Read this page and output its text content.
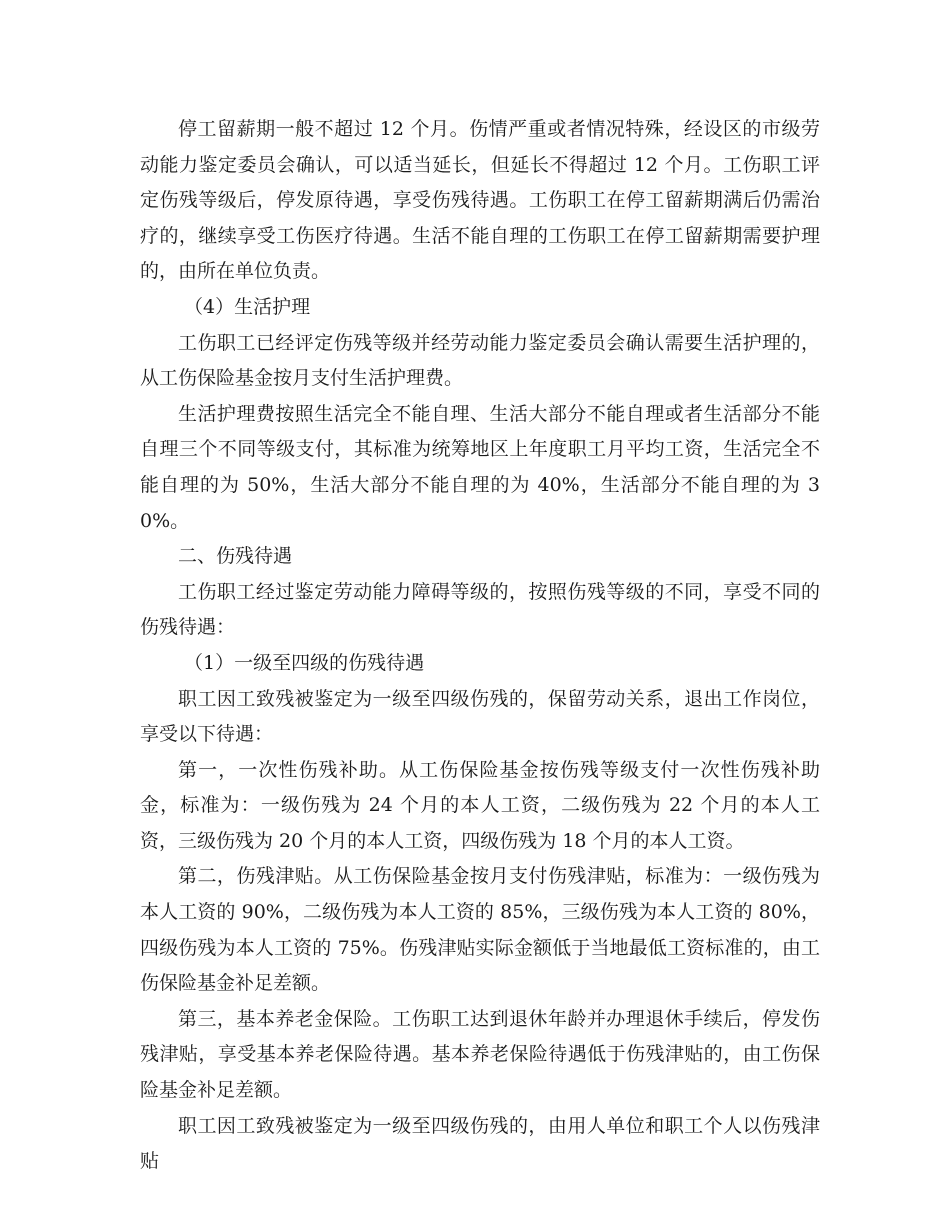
停工留薪期一般不超过 12 个月。伤情严重或者情况特殊，经设区的市级劳动能力鉴定委员会确认，可以适当延长，但延长不得超过 12 个月。工伤职工评定伤残等级后，停发原待遇，享受伤残待遇。工伤职工在停工留薪期满后仍需治疗的，继续享受工伤医疗待遇。生活不能自理的工伤职工在停工留薪期需要护理的，由所在单位负责。

（4）生活护理

工伤职工已经评定伤残等级并经劳动能力鉴定委员会确认需要生活护理的，从工伤保险基金按月支付生活护理费。

生活护理费按照生活完全不能自理、生活大部分不能自理或者生活部分不能自理三个不同等级支付，其标准为统筹地区上年度职工月平均工资，生活完全不能自理的为 50%，生活大部分不能自理的为 40%，生活部分不能自理的为 30%。

二、伤残待遇

工伤职工经过鉴定劳动能力障碍等级的，按照伤残等级的不同，享受不同的伤残待遇：

（1）一级至四级的伤残待遇

职工因工致残被鉴定为一级至四级伤残的，保留劳动关系，退出工作岗位，享受以下待遇：

第一，一次性伤残补助。从工伤保险基金按伤残等级支付一次性伤残补助金，标准为：一级伤残为 24 个月的本人工资，二级伤残为 22 个月的本人工资，三级伤残为 20 个月的本人工资，四级伤残为 18 个月的本人工资。

第二，伤残津贴。从工伤保险基金按月支付伤残津贴，标准为：一级伤残为本人工资的 90%，二级伤残为本人工资的 85%，三级伤残为本人工资的 80%，四级伤残为本人工资的 75%。伤残津贴实际金额低于当地最低工资标准的，由工伤保险基金补足差额。

第三，基本养老金保险。工伤职工达到退休年龄并办理退休手续后，停发伤残津贴，享受基本养老保险待遇。基本养老保险待遇低于伤残津贴的，由工伤保险基金补足差额。

职工因工致残被鉴定为一级至四级伤残的，由用人单位和职工个人以伤残津贴
